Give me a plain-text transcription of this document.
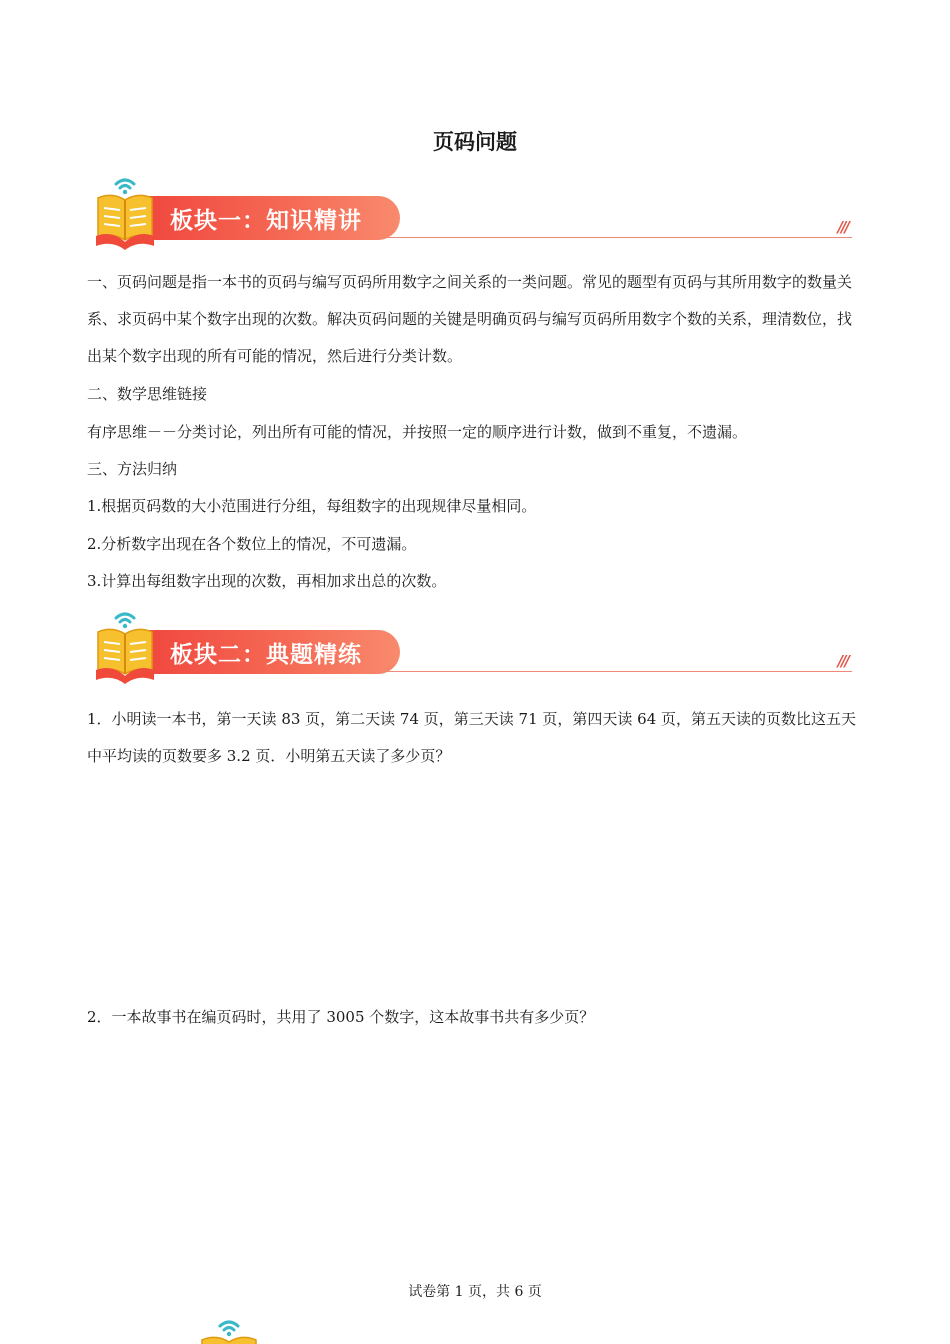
页码问题
板块一：知识精讲	///

一、页码问题是指一本书的页码与编写页码所用数字之间关系的一类问题。常见的题型有页码与其所用数字的数量关系、求页码中某个数字出现的次数。解决页码问题的关键是明确页码与编写页码所用数字个数的关系，理清数位，找出某个数字出现的所有可能的情况，然后进行分类计数。

二、数学思维链接

有序思维－－分类讨论，列出所有可能的情况，并按照一定的顺序进行计数，做到不重复，不遗漏。

三、方法归纳

1.根据页码数的大小范围进行分组，每组数字的出现规律尽量相同。

2.分析数字出现在各个数位上的情况，不可遗漏。

3.计算出每组数字出现的次数，再相加求出总的次数。

板块二：典题精练	///

1．小明读一本书，第一天读 83 页，第二天读 74 页，第三天读 71 页，第四天读 64 页，第五天读的页数比这五天中平均读的页数要多 3.2 页．小明第五天读了多少页？

2．一本故事书在编页码时，共用了 3005 个数字，这本故事书共有多少页？

试卷第 1 页，共 6 页
